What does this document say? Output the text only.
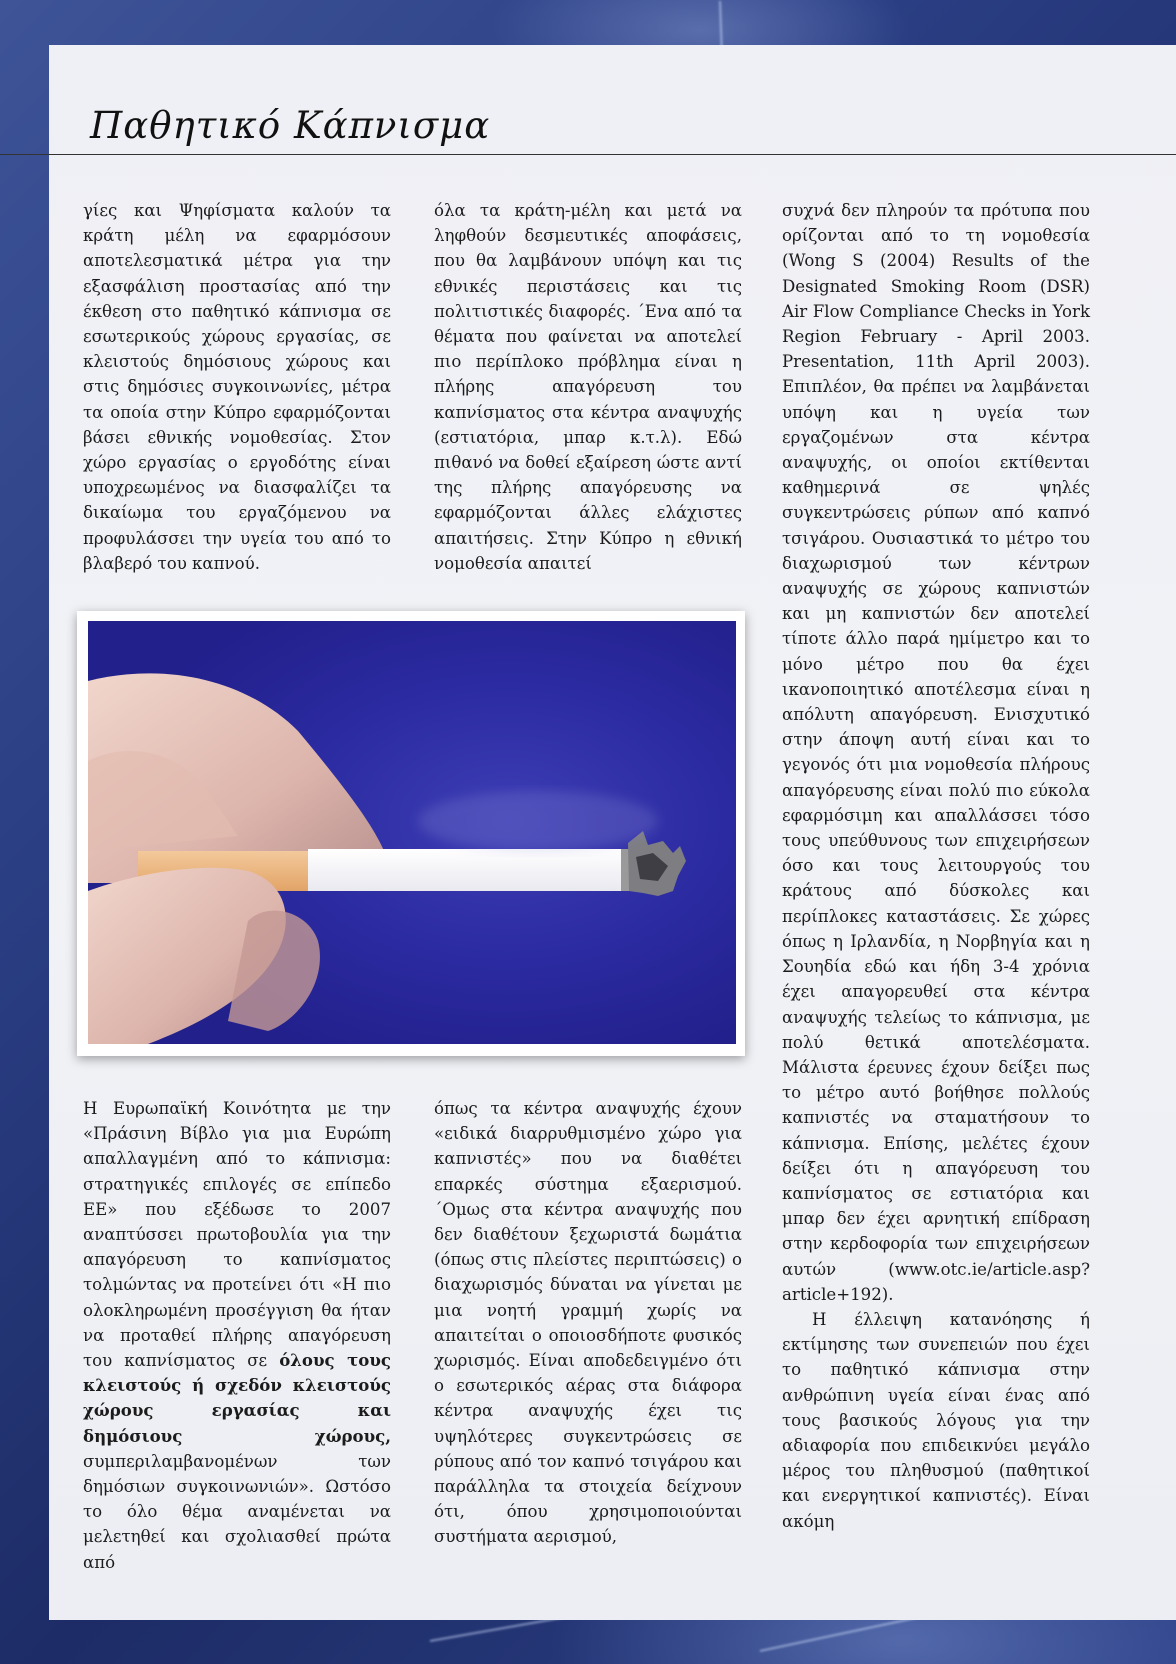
Παθητικό Κάπνισμα

γίες και Ψηφίσματα καλούν τα κράτη μέλη να εφαρμόσουν αποτελεσματικά μέτρα για την εξασφάλιση προστασίας από την έκθεση στο παθητικό κάπνισμα σε εσωτερικούς χώρους εργασίας, σε κλειστούς δημόσιους χώρους και στις δημόσιες συγκοινωνίες, μέτρα τα οποία στην Κύπρο εφαρμόζονται βάσει εθνικής νομοθεσίας. Στον χώρο εργασίας ο εργοδότης είναι υποχρεωμένος να διασφαλίζει τα δικαίωμα του εργαζόμενου να προφυλάσσει την υγεία του από το βλαβερό του καπνού.

όλα τα κράτη-μέλη και μετά να ληφθούν δεσμευτικές αποφάσεις, που θα λαμβάνουν υπόψη και τις εθνικές περιστάσεις και τις πολιτιστικές διαφορές. ΄Ενα από τα θέματα που φαίνεται να αποτελεί πιο περίπλοκο πρόβλημα είναι η πλήρης απαγόρευση του καπνίσματος στα κέντρα αναψυχής (εστιατόρια, μπαρ κ.τ.λ). Εδώ πιθανό να δοθεί εξαίρεση ώστε αντί της πλήρης απαγόρευσης να εφαρμόζονται άλλες ελάχιστες απαιτήσεις. Στην Κύπρο η εθνική νομοθεσία απαιτεί

συχνά δεν πληρούν τα πρότυπα που ορίζονται από το τη νομοθεσία (Wong S (2004) Results of the Designated Smoking Room (DSR) Air Flow Compliance Checks in York Region February - April 2003. Presentation, 11th April 2003). Επιπλέον, θα πρέπει να λαμβάνεται υπόψη και η υγεία των εργαζομένων στα κέντρα αναψυχής, οι οποίοι εκτίθενται καθημερινά σε ψηλές συγκεντρώσεις ρύπων από καπνό τσιγάρου. Ουσιαστικά το μέτρο του διαχωρισμού των κέντρων αναψυχής σε χώρους καπνιστών και μη καπνιστών δεν αποτελεί τίποτε άλλο παρά ημίμετρο και το μόνο μέτρο που θα έχει ικανοποιητικό αποτέλεσμα είναι η απόλυτη απαγόρευση. Ενισχυτικό στην άποψη αυτή είναι και το γεγονός ότι μια νομοθεσία πλήρους απαγόρευσης είναι πολύ πιο εύκολα εφαρμόσιμη και απαλλάσσει τόσο τους υπεύθυνους των επιχειρήσεων όσο και τους λειτουργούς του κράτους από δύσκολες και περίπλοκες καταστάσεις. Σε χώρες όπως η Ιρλανδία, η Νορβηγία και η Σουηδία εδώ και ήδη 3-4 χρόνια έχει απαγορευθεί στα κέντρα αναψυχής τελείως το κάπνισμα, με πολύ θετικά αποτελέσματα. Μάλιστα έρευνες έχουν δείξει πως το μέτρο αυτό βοήθησε πολλούς καπνιστές να σταματήσουν το κάπνισμα. Επίσης, μελέτες έχουν δείξει ότι η απαγόρευση του καπνίσματος σε εστιατόρια και μπαρ δεν έχει αρνητική επίδραση στην κερδοφορία των επιχειρήσεων αυτών (www.otc.ie/article.asp?article+192).

Η έλλειψη κατανόησης ή εκτίμησης των συνεπειών που έχει το παθητικό κάπνισμα στην ανθρώπινη υγεία είναι ένας από τους βασικούς λόγους για την αδιαφορία που επιδεικνύει μεγάλο μέρος του πληθυσμού (παθητικοί και ενεργητικοί καπνιστές). Είναι ακόμη

Η Ευρωπαϊκή Κοινότητα με την «Πράσινη Βίβλο για μια Ευρώπη απαλλαγμένη από το κάπνισμα: στρατηγικές επιλογές σε επίπεδο ΕΕ» που εξέδωσε το 2007 αναπτύσσει πρωτοβουλία για την απαγόρευση το καπνίσματος τολμώντας να προτείνει ότι «Η πιο ολοκληρωμένη προσέγγιση θα ήταν να προταθεί πλήρης απαγόρευση του καπνίσματος σε όλους τους κλειστούς ή σχεδόν κλειστούς χώρους εργασίας και δημόσιους χώρους, συμπεριλαμβανομένων των δημόσιων συγκοινωνιών». Ωστόσο το όλο θέμα αναμένεται να μελετηθεί και σχολιασθεί πρώτα από

όπως τα κέντρα αναψυχής έχουν «ειδικά διαρρυθμισμένο χώρο για καπνιστές» που να διαθέτει επαρκές σύστημα εξαερισμού. ΄Ομως στα κέντρα αναψυχής που δεν διαθέτουν ξεχωριστά δωμάτια (όπως στις πλείστες περιπτώσεις) ο διαχωρισμός δύναται να γίνεται με μια νοητή γραμμή χωρίς να απαιτείται ο οποιοσδήποτε φυσικός χωρισμός. Είναι αποδεδειγμένο ότι ο εσωτερικός αέρας στα διάφορα κέντρα αναψυχής έχει τις υψηλότερες συγκεντρώσεις σε ρύπους από τον καπνό τσιγάρου και παράλληλα τα στοιχεία δείχνουν ότι, όπου χρησιμοποιούνται συστήματα αερισμού,
